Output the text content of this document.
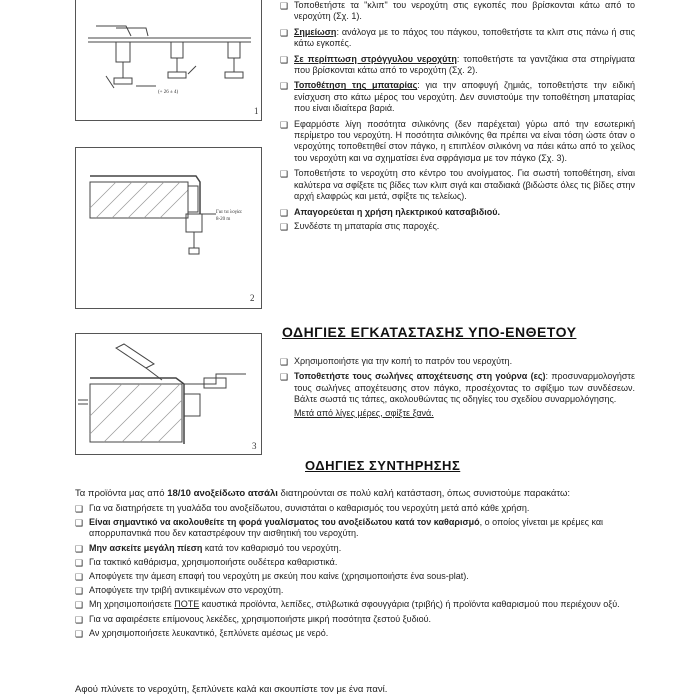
(+ 26 ± 4)
1
Για τα λογία:
8-20 m
2
3
❑ Τοποθετήστε τα "κλιπ" του νεροχύτη στις εγκοπές που βρίσκονται κάτω από το νεροχύτη (Σχ. 1).
❑ Σημείωση: ανάλογα με το πάχος του πάγκου, τοποθετήστε τα κλιπ στις πάνω ή στις κάτω εγκοπές.
❑ Σε περίπτωση στρόγγυλου νεροχύτη: τοποθετήστε τα γαντζάκια στα στηρίγματα που βρίσκονται κάτω από το νεροχύτη (Σχ. 2).
❑ Τοποθέτηση της μπαταρίας: για την αποφυγή ζημιάς, τοποθετήστε την ειδική ενίσχυση στο κάτω μέρος του νεροχύτη. Δεν συνιστούμε την τοποθέτηση μπαταρίας που είναι ιδιαίτερα βαριά.
❑ Εφαρμόστε λίγη ποσότητα σιλικόνης (δεν παρέχεται) γύρω από την εσωτερική περίμετρο του νεροχύτη. Η ποσότητα σιλικόνης θα πρέπει να είναι τόση ώστε όταν ο νεροχύτης τοποθετηθεί στον πάγκο, η επιπλέον σιλικόνη να πάει κάτω από το χείλος του νεροχύτη και να σχηματίσει ένα σφράγισμα με τον πάγκο (Σχ. 3).
❑ Τοποθετήστε το νεροχύτη στο κέντρο του ανοίγματος. Για σωστή τοποθέτηση, είναι καλύτερα να σφίξετε τις βίδες των κλιπ σιγά και σταδιακά (βιδώστε όλες τις βίδες στην αρχή ελαφρώς και μετά, σφίξτε τις τελείως).
❑ Απαγορεύεται η χρήση ηλεκτρικού κατσαβιδιού.
❑ Συνδέστε τη μπαταρία στις παροχές.
ΟΔΗΓΙΕΣ ΕΓΚΑΤΑΣΤΑΣΗΣ ΥΠΟ-ΕΝΘΕΤΟΥ
❑ Χρησιμοποιήστε για την κοπή το πατρόν του νεροχύτη.
❑ Τοποθετήστε τους σωλήνες αποχέτευσης στη γούρνα (ες): προσυναρμολογήστε τους σωλήνες αποχέτευσης στον πάγκο, προσέχοντας το σφίξιμο των συνδέσεων. Βάλτε σωστά τις τάπες, ακολουθώντας τις οδηγίες του σχεδίου συναρμολόγησης.
Μετά από λίγες μέρες, σφίξτε ξανά.
ΟΔΗΓΙΕΣ ΣΥΝΤΗΡΗΣΗΣ
Τα προϊόντα μας από 18/10 ανοξείδωτο ατσάλι διατηρούνται σε πολύ καλή κατάσταση, όπως συνιστούμε παρακάτω:
❑ Για να διατηρήσετε τη γυαλάδα του ανοξείδωτου, συνιστάται ο καθαρισμός του νεροχύτη μετά από κάθε χρήση.
❑ Είναι σημαντικό να ακολουθείτε τη φορά γυαλίσματος του ανοξείδωτου κατά τον καθαρισμό, ο οποίος γίνεται με κρέμες και απορρυπαντικά που δεν καταστρέφουν την αισθητική του νεροχύτη.
❑ Μην ασκείτε μεγάλη πίεση κατά τον καθαρισμό του νεροχύτη.
❑ Για τακτικό καθάρισμα, χρησιμοποιήστε ουδέτερα καθαριστικά.
❑ Αποφύγετε την άμεση επαφή του νεροχύτη με σκεύη που καίνε (χρησιμοποιήστε ένα sous-plat).
❑ Αποφύγετε την τριβή αντικειμένων στο νεροχύτη.
❑ Μη χρησιμοποιήσετε ΠΟΤΕ καυστικά προϊόντα, λεπίδες, στιλβωτικά σφουγγάρια (τριβής) ή προϊόντα καθαρισμού που περιέχουν οξύ.
❑ Για να αφαιρέσετε επίμονους λεκέδες, χρησιμοποιήστε μικρή ποσότητα ζεστού ξυδιού.
❑ Αν χρησιμοποιήσετε λευκαντικό, ξεπλύνετε αμέσως με νερό.
Αφού πλύνετε το νεροχύτη, ξεπλύνετε καλά και σκουπίστε τον με ένα πανί.
